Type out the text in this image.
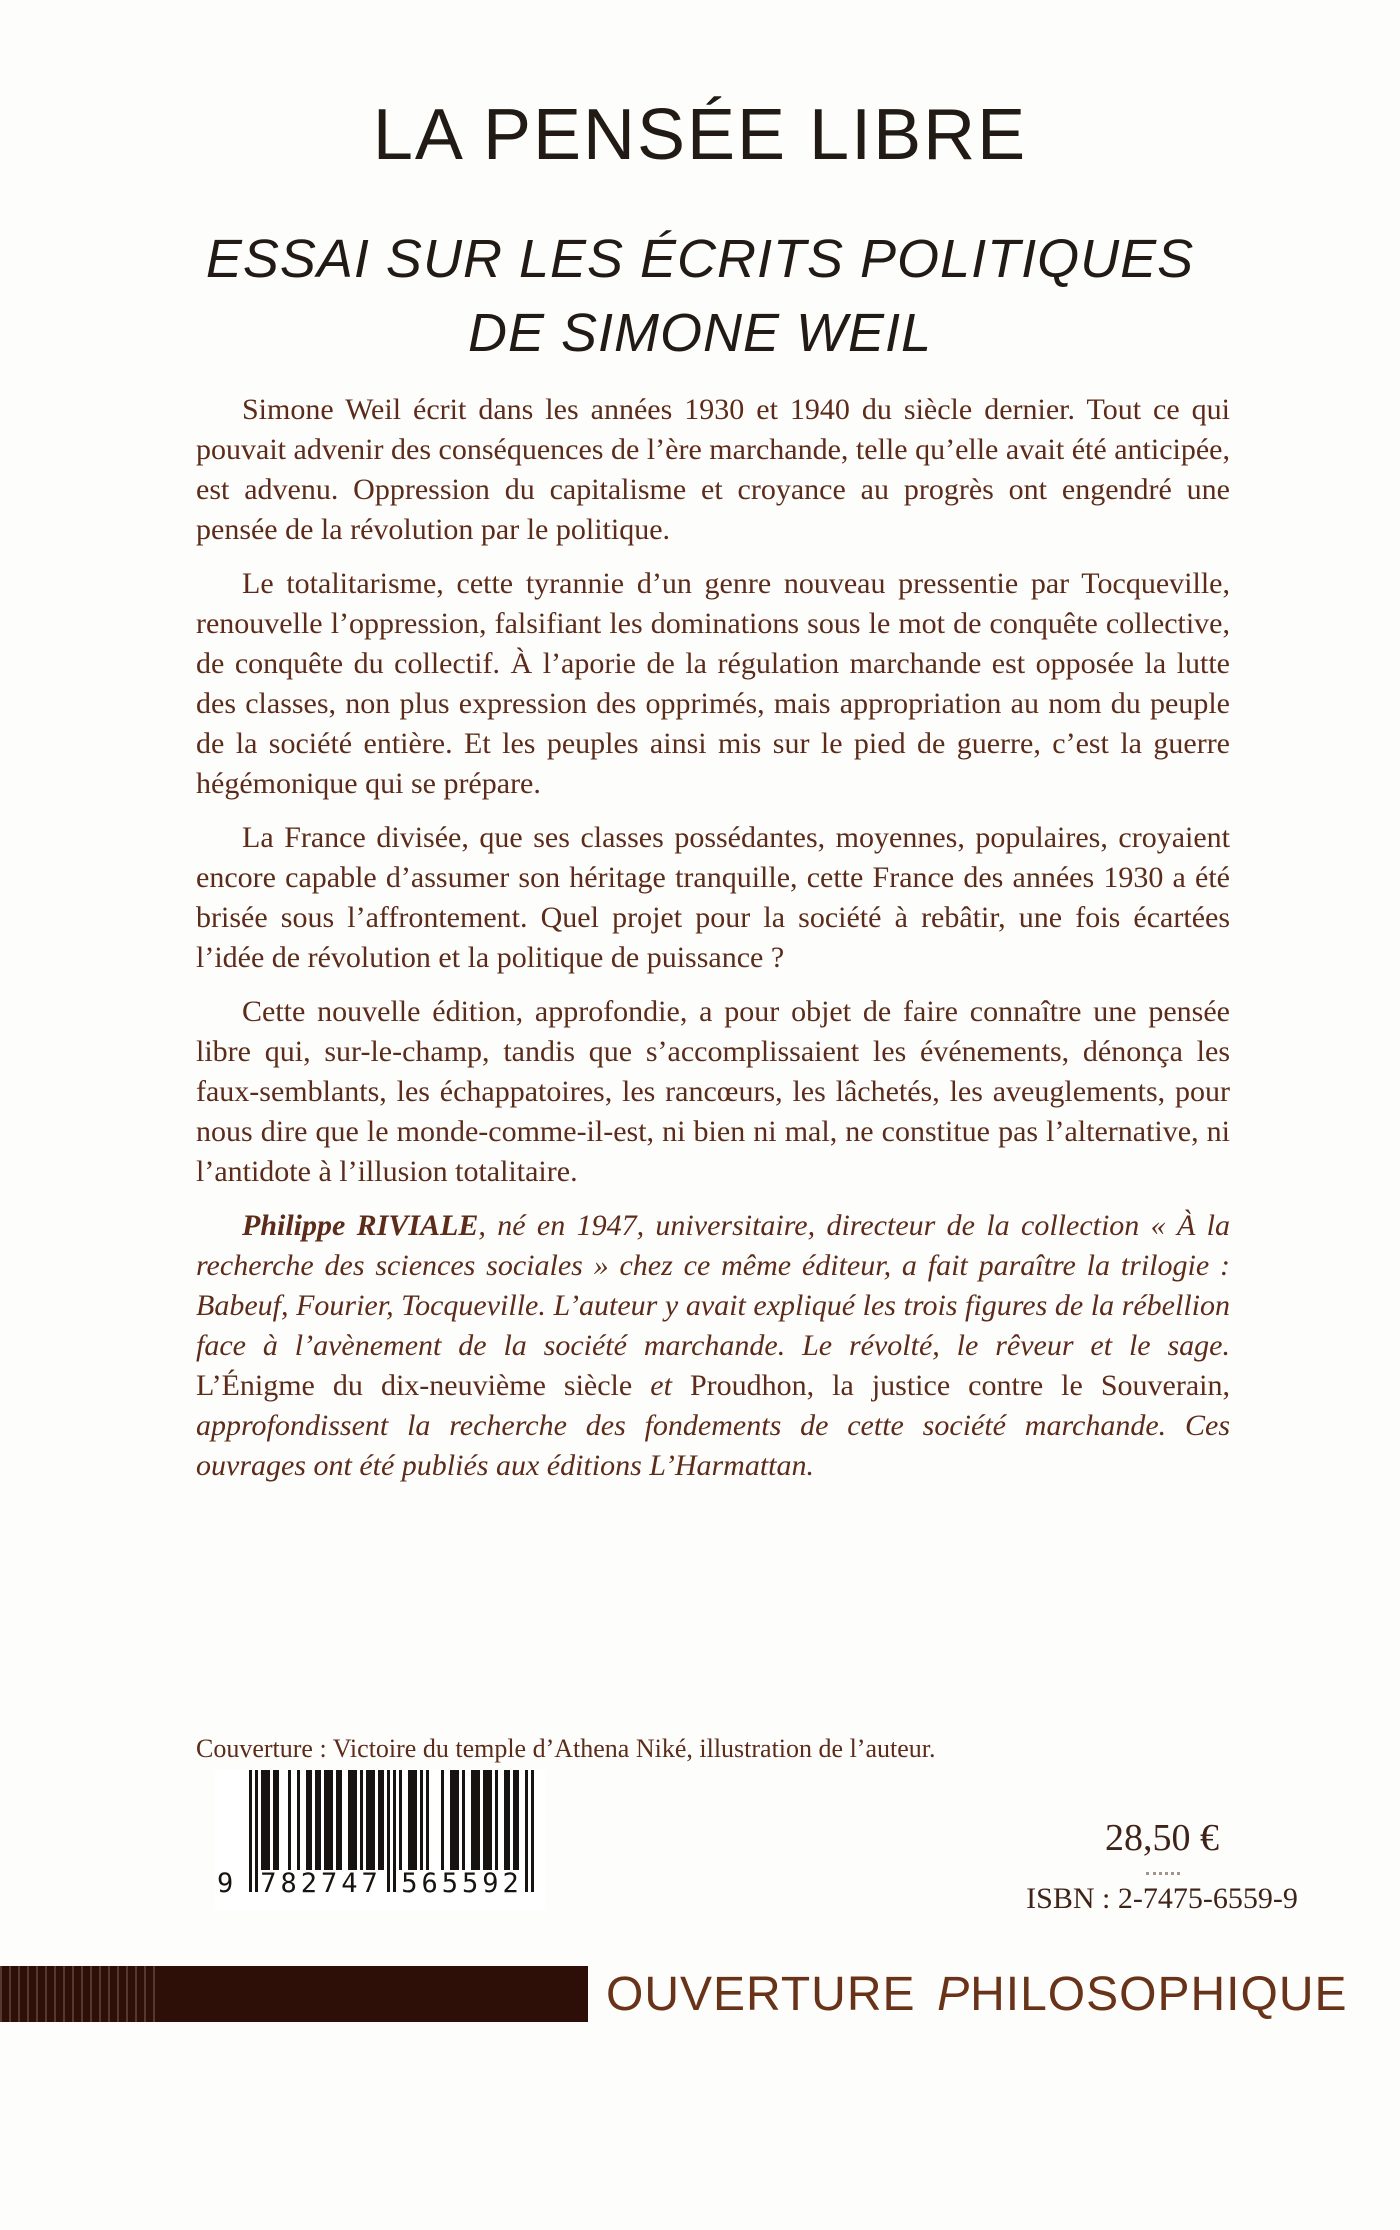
LA PENSÉE LIBRE
ESSAI SUR LES ÉCRITS POLITIQUES
DE SIMONE WEIL

Simone Weil écrit dans les années 1930 et 1940 du siècle dernier. Tout ce qui pouvait advenir des conséquences de l’ère marchande, telle qu’elle avait été anticipée, est advenu. Oppression du capitalisme et croyance au progrès ont engendré une pensée de la révolution par le politique.

Le totalitarisme, cette tyrannie d’un genre nouveau pressentie par Tocqueville, renouvelle l’oppression, falsifiant les dominations sous le mot de conquête collective, de conquête du collectif. À l’aporie de la régulation marchande est opposée la lutte des classes, non plus expression des opprimés, mais appropriation au nom du peuple de la société entière. Et les peuples ainsi mis sur le pied de guerre, c’est la guerre hégémonique qui se prépare.

La France divisée, que ses classes possédantes, moyennes, populaires, croyaient encore capable d’assumer son héritage tranquille, cette France des années 1930 a été brisée sous l’affrontement. Quel projet pour la société à rebâtir, une fois écartées l’idée de révolution et la politique de puissance ?

Cette nouvelle édition, approfondie, a pour objet de faire connaître une pensée libre qui, sur-le-champ, tandis que s’accomplissaient les événements, dénonça les faux-semblants, les échappatoires, les rancœurs, les lâchetés, les aveuglements, pour nous dire que le monde-comme-il-est, ni bien ni mal, ne constitue pas l’alternative, ni l’antidote à l’illusion totalitaire.

Philippe RIVIALE, né en 1947, universitaire, directeur de la collection « À la recherche des sciences sociales » chez ce même éditeur, a fait paraître la trilogie : Babeuf, Fourier, Tocqueville. L’auteur y avait expliqué les trois figures de la rébellion face à l’avènement de la société marchande. Le révolté, le rêveur et le sage. L’Énigme du dix-neuvième siècle et Proudhon, la justice contre le Souverain, approfondissent la recherche des fondements de cette société marchande. Ces ouvrages ont été publiés aux éditions L’Harmattan.

Couverture : Victoire du temple d’Athena Niké, illustration de l’auteur.
9 782747 565592
28,50 €
ISBN : 2-7475-6559-9
OUVERTURE P HILOSOPHIQUE
